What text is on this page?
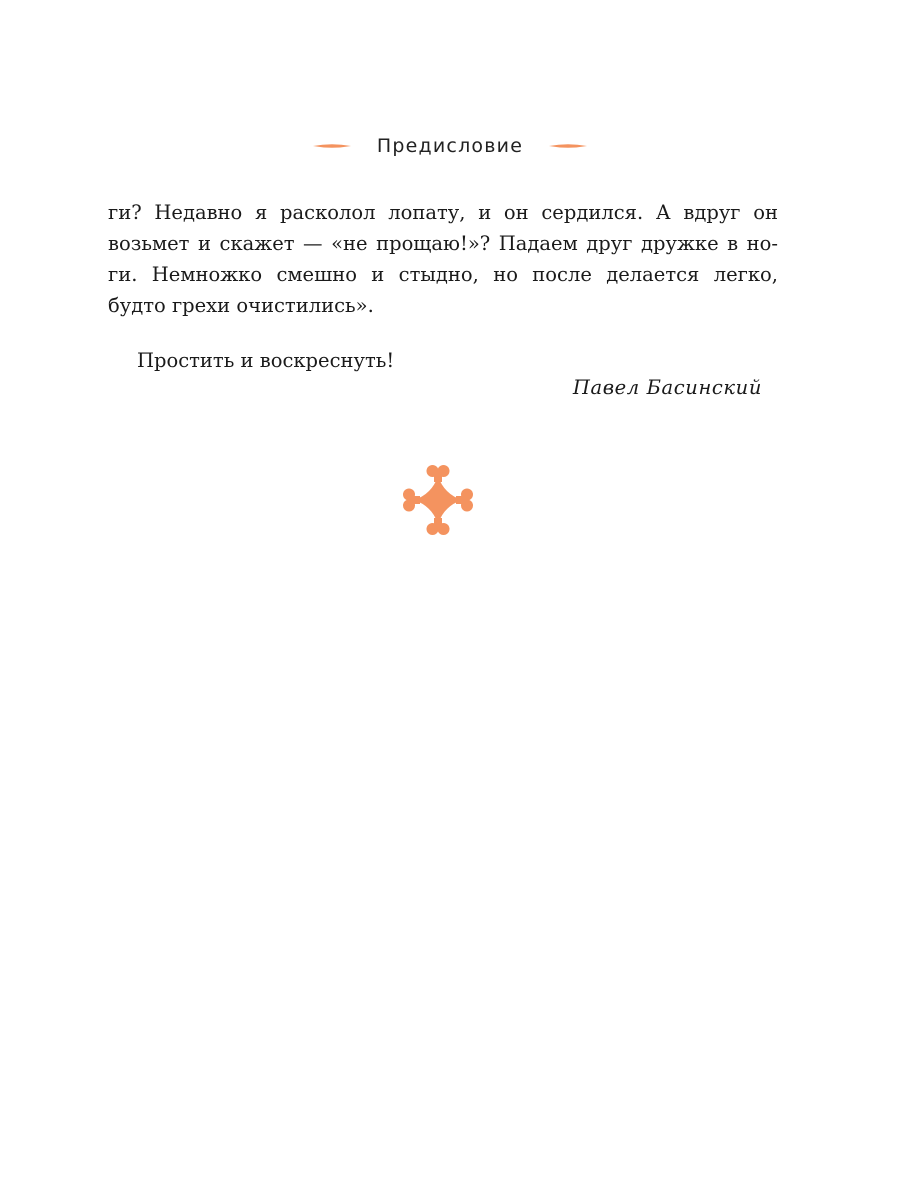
Предисловие
ги? Недавно я расколол лопату, и он сердился. А вдруг он
возьмет и скажет — «не прощаю!»? Падаем друг дружке в но-
ги. Немножко смешно и стыдно, но после делается легко,
будто грехи очистились».
Простить и воскреснуть!
Павел Басинский
